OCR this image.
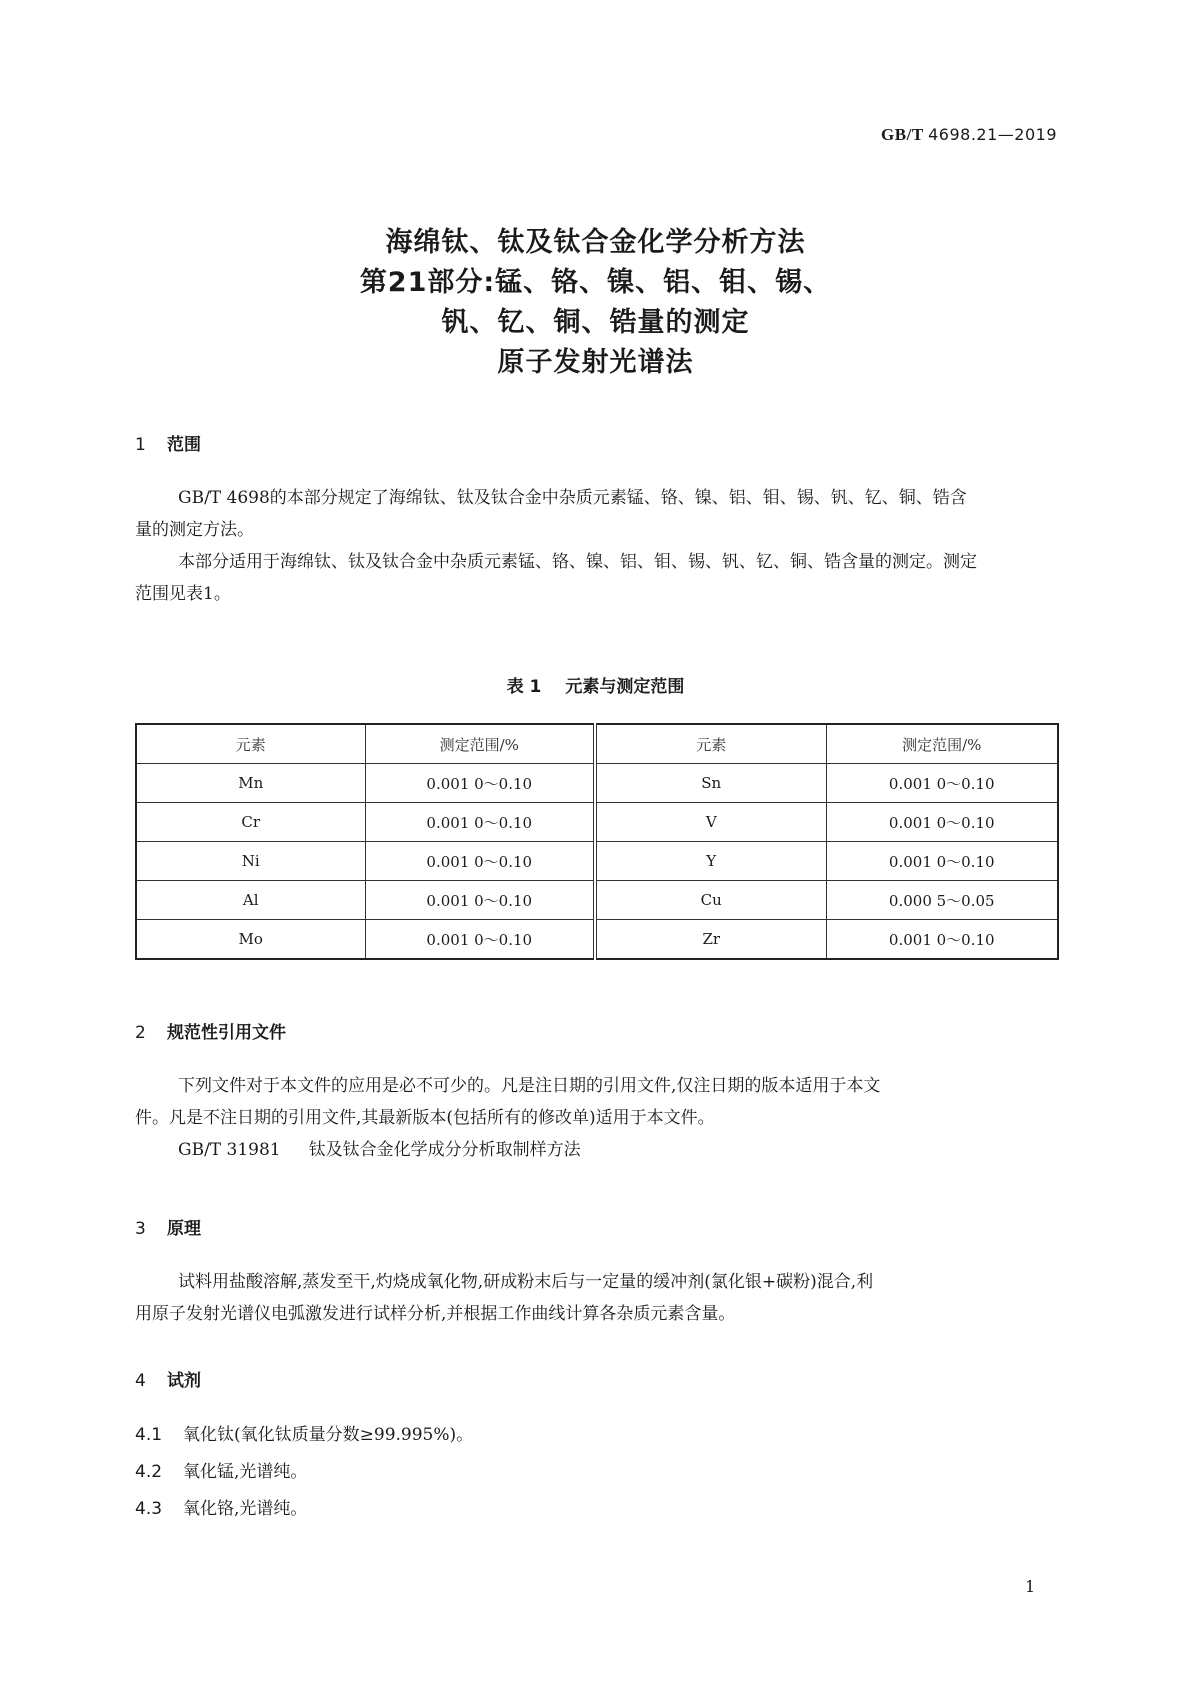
GB/T 4698.21—2019
海绵钛、钛及钛合金化学分析方法
第21部分:锰、铬、镍、铝、钼、锡、
钒、钇、铜、锆量的测定
原子发射光谱法
1 范围
GB/T 4698的本部分规定了海绵钛、钛及钛合金中杂质元素锰、铬、镍、铝、钼、锡、钒、钇、铜、锆含
量的测定方法。
本部分适用于海绵钛、钛及钛合金中杂质元素锰、铬、镍、铝、钼、锡、钒、钇、铜、锆含量的测定。测定
范围见表1。
表 1 元素与测定范围
元素	测定范围/%	元素	测定范围/%
Mn	0.001 0～0.10	Sn	0.001 0～0.10
Cr	0.001 0～0.10	V	0.001 0～0.10
Ni	0.001 0～0.10	Y	0.001 0～0.10
Al	0.001 0～0.10	Cu	0.000 5～0.05
Mo	0.001 0～0.10	Zr	0.001 0～0.10
2 规范性引用文件
下列文件对于本文件的应用是必不可少的。凡是注日期的引用文件,仅注日期的版本适用于本文
件。凡是不注日期的引用文件,其最新版本(包括所有的修改单)适用于本文件。
GB/T 31981 钛及钛合金化学成分分析取制样方法
3 原理
试料用盐酸溶解,蒸发至干,灼烧成氧化物,研成粉末后与一定量的缓冲剂(氯化银+碳粉)混合,利
用原子发射光谱仪电弧激发进行试样分析,并根据工作曲线计算各杂质元素含量。
4 试剂
4.1 氧化钛(氧化钛质量分数≥99.995%)。
4.2 氧化锰,光谱纯。
4.3 氧化铬,光谱纯。
1
